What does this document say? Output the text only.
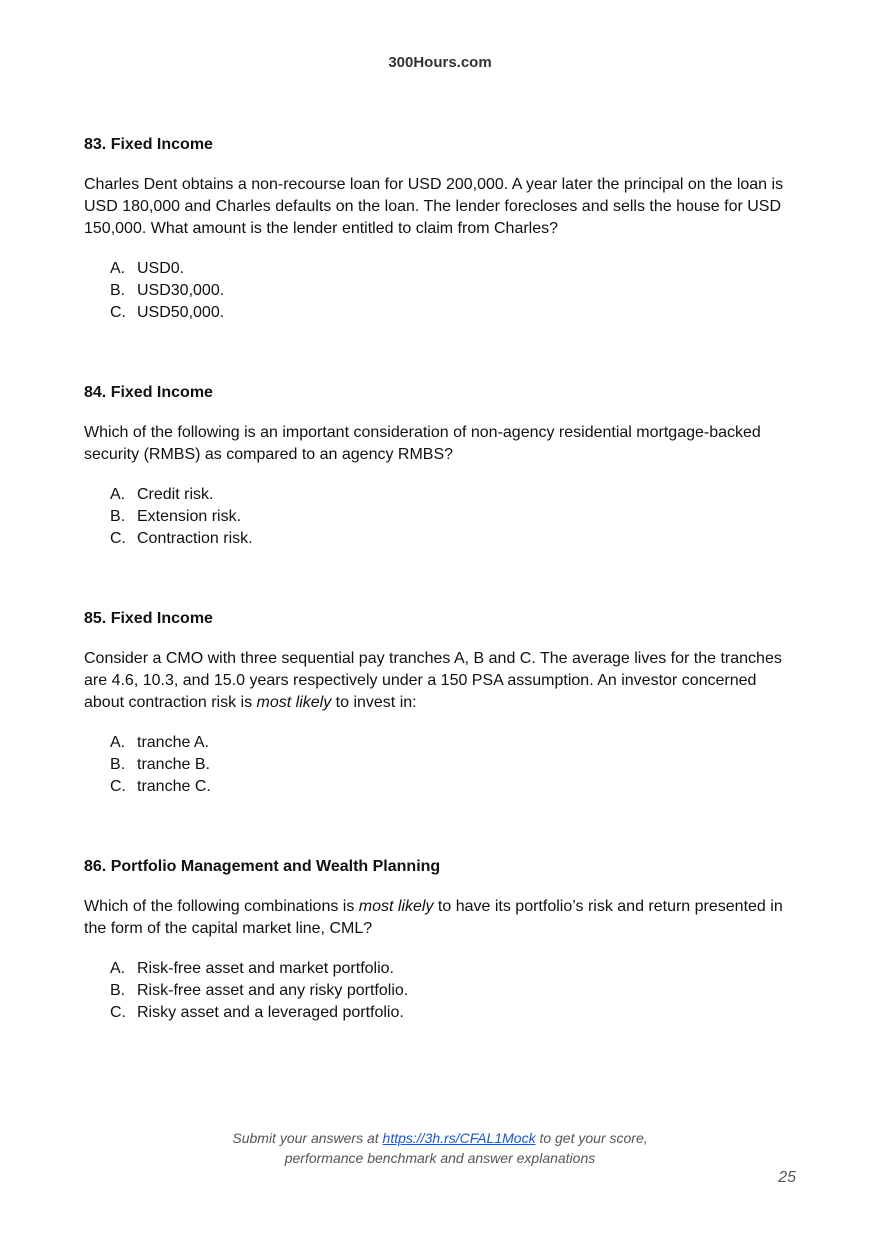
300Hours.com
83. Fixed Income
Charles Dent obtains a non-recourse loan for USD 200,000. A year later the principal on the loan is USD 180,000 and Charles defaults on the loan. The lender forecloses and sells the house for USD 150,000. What amount is the lender entitled to claim from Charles?
A. USD0.
B. USD30,000.
C. USD50,000.
84. Fixed Income
Which of the following is an important consideration of non-agency residential mortgage-backed security (RMBS) as compared to an agency RMBS?
A. Credit risk.
B. Extension risk.
C. Contraction risk.
85. Fixed Income
Consider a CMO with three sequential pay tranches A, B and C. The average lives for the tranches are 4.6, 10.3, and 15.0 years respectively under a 150 PSA assumption. An investor concerned about contraction risk is most likely to invest in:
A. tranche A.
B. tranche B.
C. tranche C.
86. Portfolio Management and Wealth Planning
Which of the following combinations is most likely to have its portfolio’s risk and return presented in the form of the capital market line, CML?
A. Risk-free asset and market portfolio.
B. Risk-free asset and any risky portfolio.
C. Risky asset and a leveraged portfolio.
Submit your answers at https://3h.rs/CFAL1Mock to get your score,
performance benchmark and answer explanations
25
